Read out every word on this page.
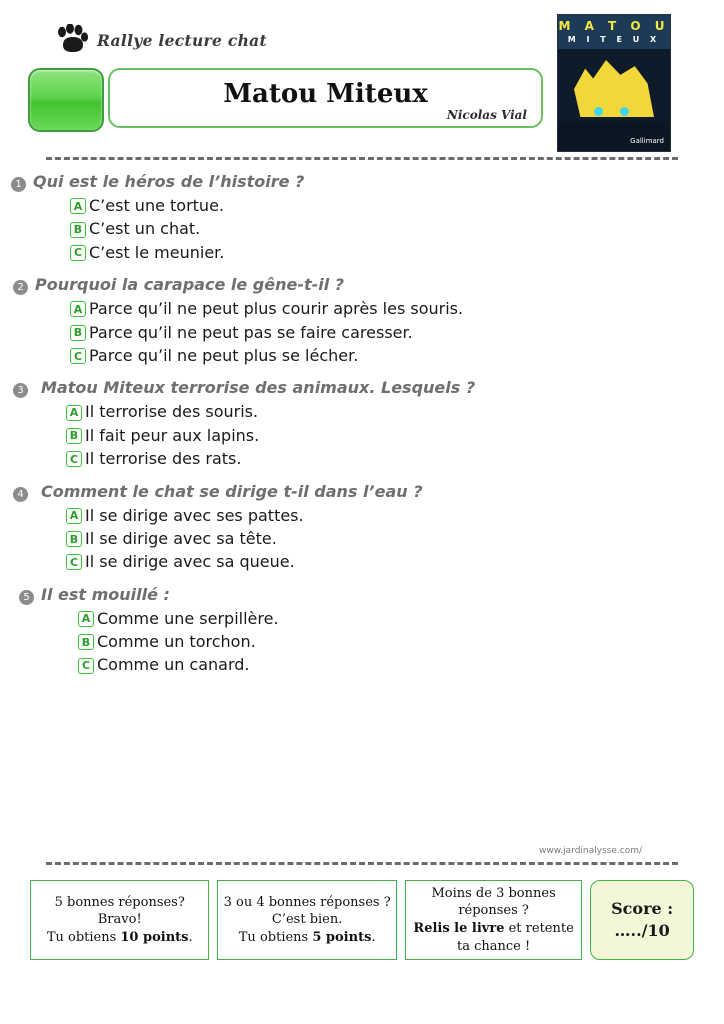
Rallye lecture chat
Matou Miteux
Nicolas Vial
M A T O U
M I T E U X
Gallimard
1 Qui est le héros de l’histoire ?
A C’est une tortue.
B C’est un chat.
C C’est le meunier.
2 Pourquoi la carapace le gêne-t-il ?
A Parce qu’il ne peut plus courir après les souris.
B Parce qu’il ne peut pas se faire caresser.
C Parce qu’il ne peut plus se lécher.
3 Matou Miteux terrorise des animaux. Lesquels ?
A Il terrorise des souris.
B Il fait peur aux lapins.
C Il terrorise des rats.
4 Comment le chat se dirige t-il dans l’eau ?
A Il se dirige avec ses pattes.
B Il se dirige avec sa tête.
C Il se dirige avec sa queue.
5 Il est mouillé :
A Comme une serpillère.
B Comme un torchon.
C Comme un canard.
www.jardinalysse.com/
5 bonnes réponses?
Bravo!
Tu obtiens 10 points.
3 ou 4 bonnes réponses ?
C’est bien.
Tu obtiens 5 points.
Moins de 3 bonnes
réponses ?
Relis le livre et retente
ta chance !
Score :
…../10
